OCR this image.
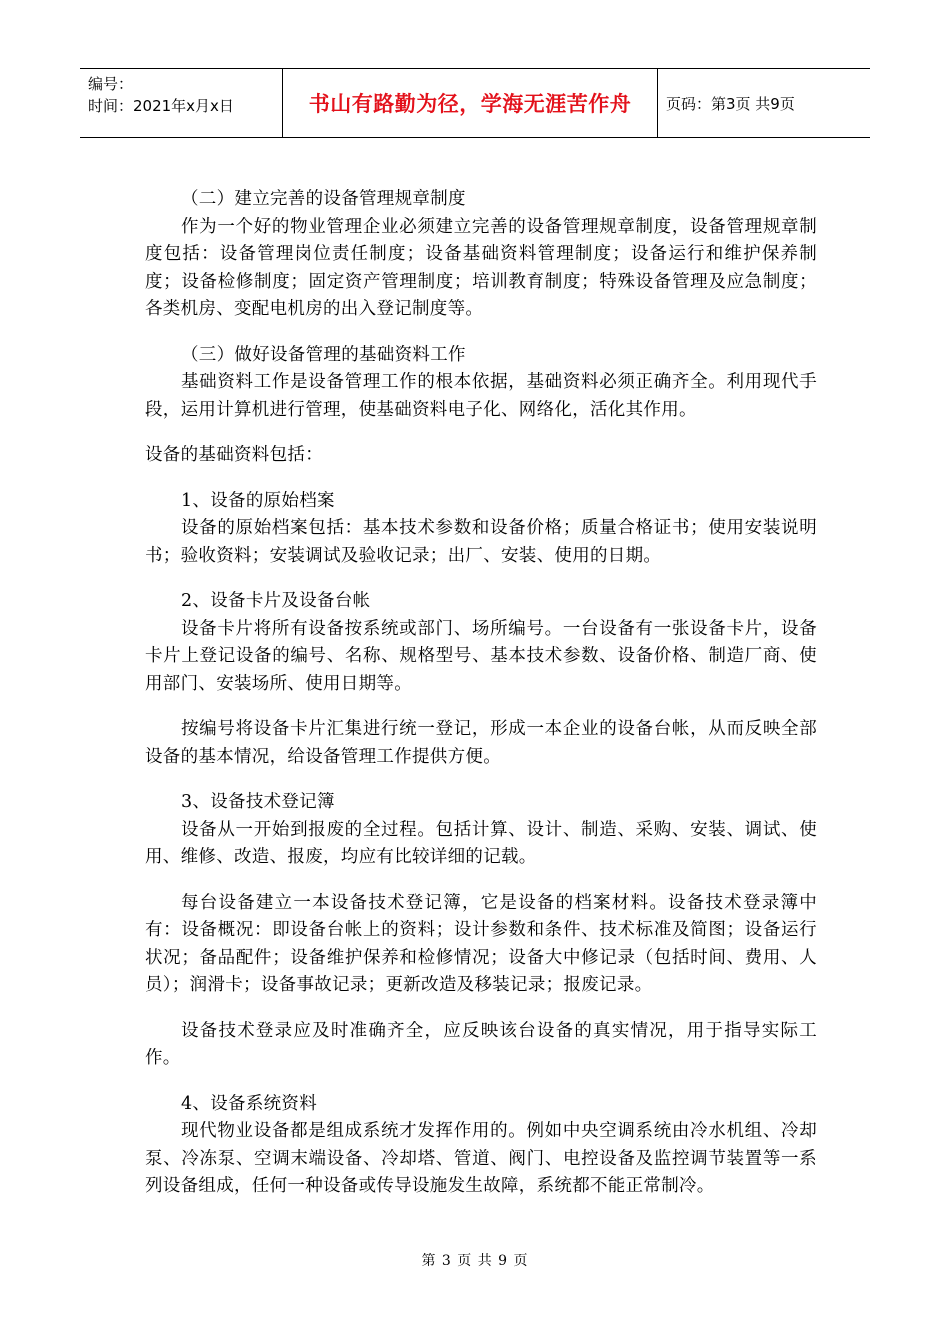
编号：
时间：2021年x月x日	书山有路勤为径，学海无涯苦作舟 页码：第3页 共9页

（二）建立完善的设备管理规章制度

作为一个好的物业管理企业必须建立完善的设备管理规章制度，设备管理规章制度包括：设备管理岗位责任制度；设备基础资料管理制度；设备运行和维护保养制度；设备检修制度；固定资产管理制度；培训教育制度；特殊设备管理及应急制度；各类机房、变配电机房的出入登记制度等。

（三）做好设备管理的基础资料工作

基础资料工作是设备管理工作的根本依据，基础资料必须正确齐全。利用现代手段，运用计算机进行管理，使基础资料电子化、网络化，活化其作用。

设备的基础资料包括：

1、设备的原始档案

设备的原始档案包括：基本技术参数和设备价格；质量合格证书；使用安装说明书；验收资料；安装调试及验收记录；出厂、安装、使用的日期。

2、设备卡片及设备台帐

设备卡片将所有设备按系统或部门、场所编号。一台设备有一张设备卡片，设备卡片上登记设备的编号、名称、规格型号、基本技术参数、设备价格、制造厂商、使用部门、安装场所、使用日期等。

按编号将设备卡片汇集进行统一登记，形成一本企业的设备台帐，从而反映全部设备的基本情况，给设备管理工作提供方便。

3、设备技术登记簿

设备从一开始到报废的全过程。包括计算、设计、制造、采购、安装、调试、使用、维修、改造、报废，均应有比较详细的记载。

每台设备建立一本设备技术登记簿，它是设备的档案材料。设备技术登录簿中有：设备概况：即设备台帐上的资料；设计参数和条件、技术标准及简图；设备运行状况；备品配件；设备维护保养和检修情况；设备大中修记录（包括时间、费用、人员）；润滑卡；设备事故记录；更新改造及移装记录；报废记录。

设备技术登录应及时准确齐全，应反映该台设备的真实情况，用于指导实际工作。

4、设备系统资料

现代物业设备都是组成系统才发挥作用的。例如中央空调系统由冷水机组、冷却泵、冷冻泵、空调末端设备、冷却塔、管道、阀门、电控设备及监控调节装置等一系列设备组成，任何一种设备或传导设施发生故障，系统都不能正常制冷。

第 3 页 共 9 页
